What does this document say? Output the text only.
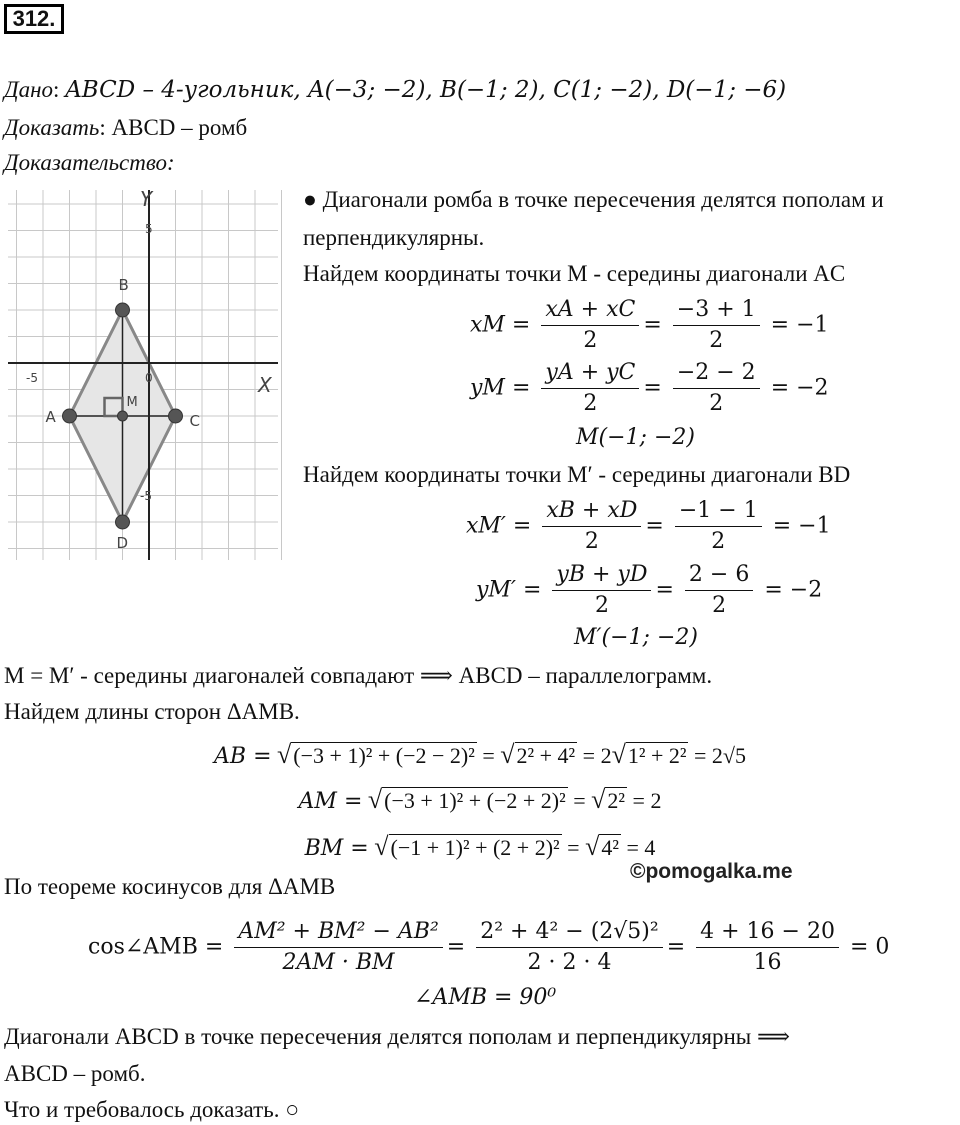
312.
Дано: ABCD – 4-угольник, A(−3; −2), B(−1; 2), C(1; −2), D(−1; −6)
Доказать: ABCD – ромб
Доказательство:
A
B
C
D
M
X
Y
-5	0
5
-5
● Диагонали ромба в точке пересечения делятся пополам и
перпендикулярны.
Найдем координаты точки M - середины диагонали AC
xM = $\frac{xA + xC}{2} = \frac{-3 + 1}{2} = -1$
yM = $\frac{yA + yC}{2} = \frac{-2 - 2}{2} = -2$
M(−1; −2)
Найдем координаты точки M′ - середины диагонали BD
$xM' = \frac{xB + xD}{2} = \frac{-1 - 1}{2} = -1$
$yM' = \frac{yB + yD}{2} = \frac{2 - 6}{2} = -2$
M′(−1; −2)
M = M′ - середины диагоналей совпадают ⟹ ABCD – параллелограмм.
Найдем длины сторон ΔAMB.
AB = √(−3 + 1)² + (−2 − 2)² = √2² + 4² = 2√1² + 2² = 2√5
AM = √(−3 + 1)² + (−2 + 2)² = √2² = 2
BM = √(−1 + 1)² + (2 + 2)² = √4² = 4
По теореме косинусов для ΔAMB
©pomogalka.me
cos∠AMB = $\frac{\text{AM² + BM² − AB²}}{2AM \cdot BM} = \frac{\text{2² + 4² − (2√5)²}}{2 \cdot 2 \cdot 4} = \frac{4 + 16 - 20}{16} = 0$
∠AMB = 90⁰
Диагонали ABCD в точке пересечения делятся пополам и перпендикулярны ⟹
ABCD – ромб.
Что и требовалось доказать. ○
